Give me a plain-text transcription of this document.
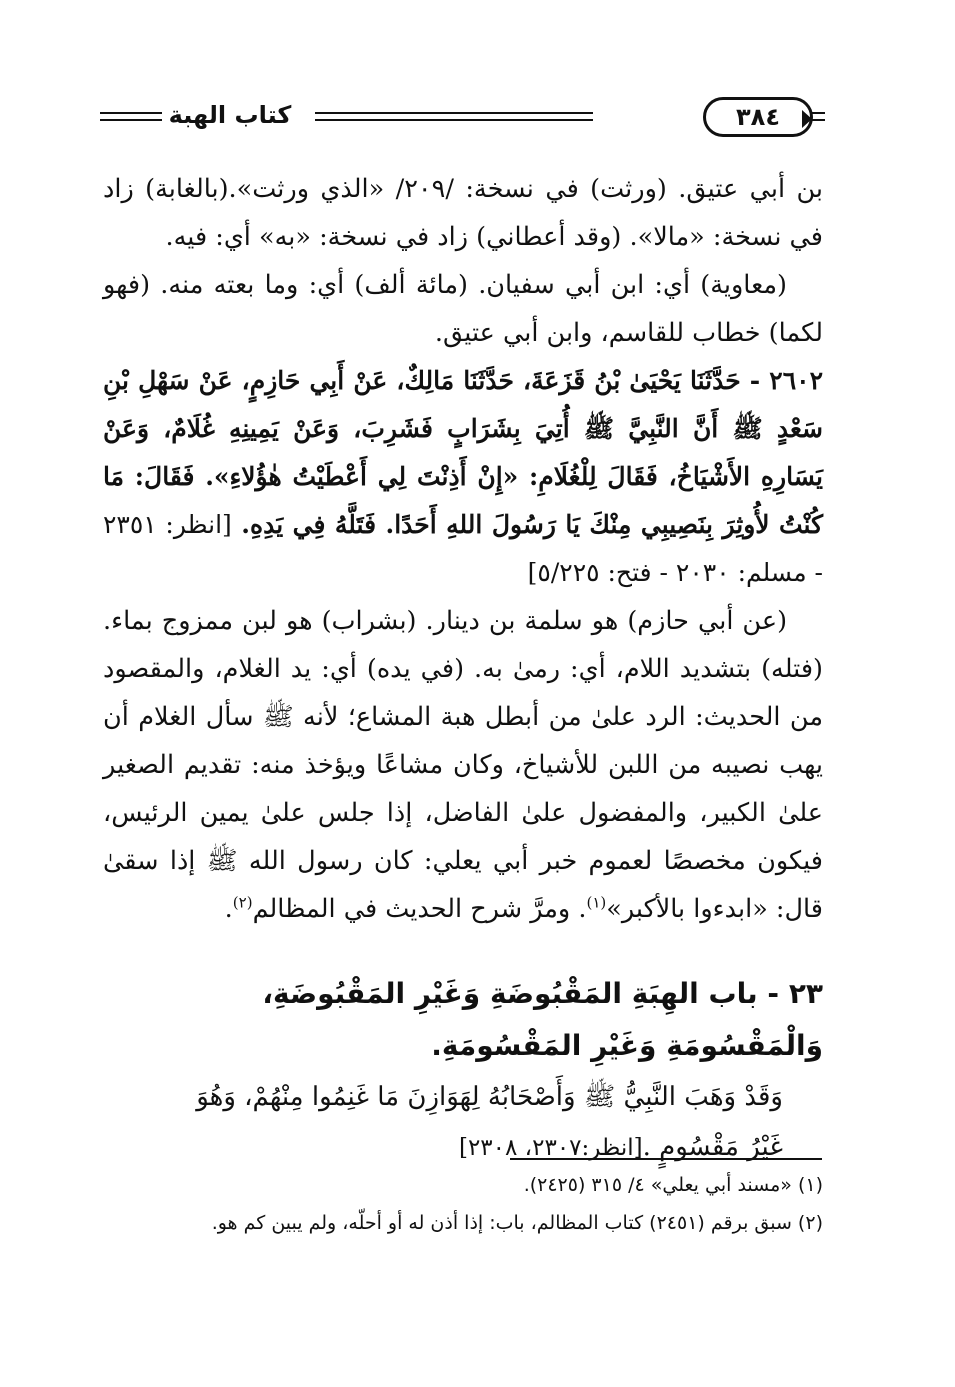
٣٨٤
كتاب الهبة

بن أبي عتيق. (ورثت) في نسخة: /٢٠٩/ «الذي ورثت».(بالغابة) زاد في نسخة: «مالا». (وقد أعطاني) زاد في نسخة: «به» أي: فيه.

(معاوية) أي: ابن أبي سفيان. (مائة ألف) أي: وما بعته منه. (فهو لكما) خطاب للقاسم، وابن أبي عتيق.

٢٦٠٢ - حَدَّثَنَا يَحْيَىٰ بْنُ قَزَعَةَ، حَدَّثَنَا مَالِكٌ، عَنْ أَبِي حَازِمٍ، عَنْ سَهْلِ بْنِ سَعْدٍ ﷺ أَنَّ النَّبِيَّ ﷺ أُتِيَ بِشَرَابٍ فَشَرِبَ، وَعَنْ يَمِينِهِ غُلَامٌ، وَعَنْ يَسَارِهِ الأَشْيَاخُ، فَقَالَ لِلْغُلَامِ: «إِنْ أَذِنْتَ لِي أَعْطَيْتُ هٰؤُلاءِ». فَقَالَ: مَا كُنْتُ لأُوثِرَ بِنَصِيبِي مِنْكَ يَا رَسُولَ اللهِ أَحَدًا. فَتَلَّهُ فِي يَدِهِ. [انظر: ٢٣٥١ - مسلم: ٢٠٣٠ - فتح: ٥/٢٢٥]

(عن أبي حازم) هو سلمة بن دينار. (بشراب) هو لبن ممزوج بماء.(فتله) بتشديد اللام، أي: رمىٰ به. (في يده) أي: يد الغلام، والمقصود من الحديث: الرد علىٰ من أبطل هبة المشاع؛ لأنه ﷺ سأل الغلام أن يهب نصيبه من اللبن للأشياخ، وكان مشاعًا ويؤخذ منه: تقديم الصغير علىٰ الكبير، والمفضول علىٰ الفاضل، إذا جلس علىٰ يمين الرئيس، فيكون مخصصًا لعموم خبر أبي يعلي: كان رسول الله ﷺ إذا سقىٰ قال: «ابدءوا بالأكبر»$^{(١)}$. ومرَّ شرح الحديث في المظالم$^{(٢)}$.

٢٣ - باب الهِبَةِ المَقْبُوضَةِ وَغَيْرِ المَقْبُوضَةِ، وَالْمَقْسُومَةِ وَغَيْرِ المَقْسُومَةِ.

وَقَدْ وَهَبَ النَّبِيُّ ﷺ وَأَصْحَابُهُ لِهَوَازِنَ مَا غَنِمُوا مِنْهُمْ، وَهُوَ
غَيْرُ مَقْسُومٍ .[انظر:٢٣٠٧، ٢٣٠٨]

(١) «مسند أبي يعلي» ٤/ ٣١٥ (٢٤٢٥).

(٢) سبق برقم (٢٤٥١) كتاب المظالم، باب: إذا أذن له أو أحلّه، ولم يبين كم هو.
